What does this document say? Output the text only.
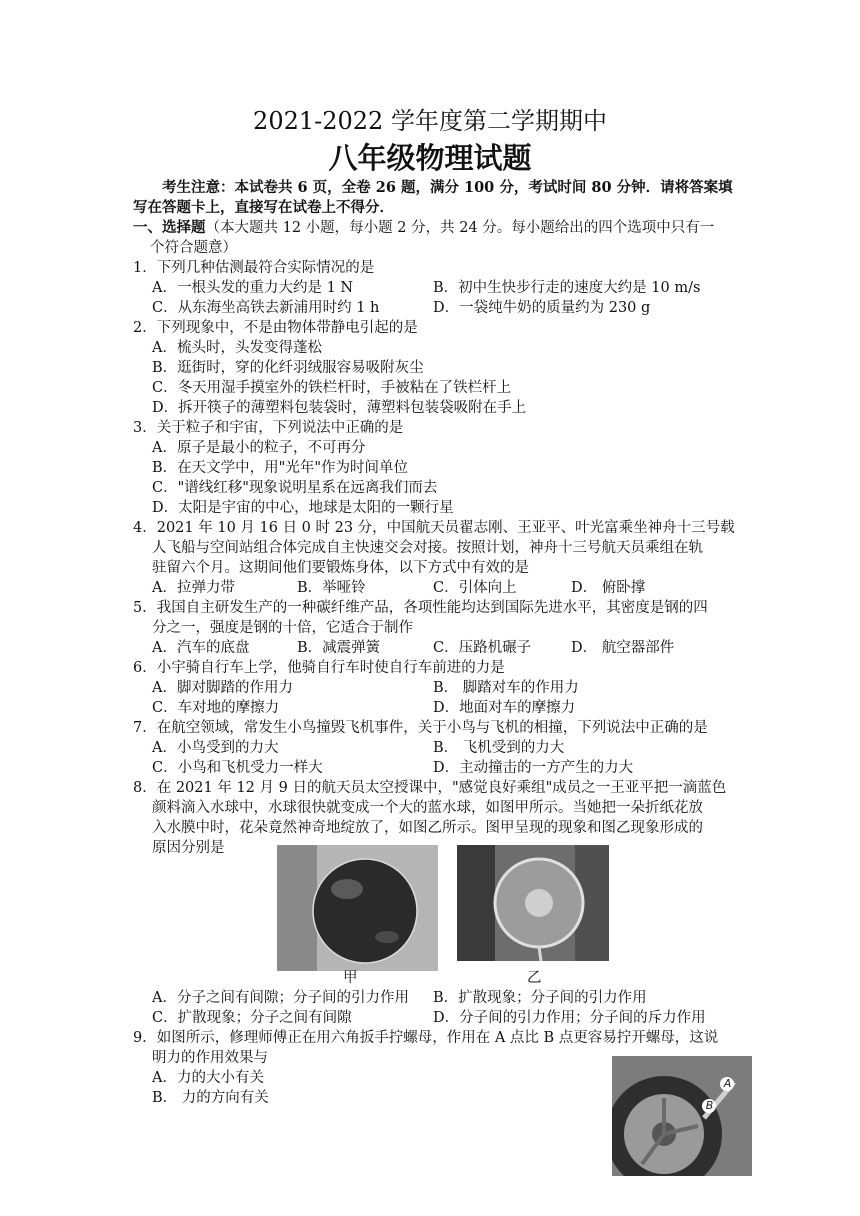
2021-2022 学年度第二学期期中
八年级物理试题
考生注意：本试卷共 6 页，全卷 26 题，满分 100 分，考试时间 80 分钟．请将答案填
写在答题卡上，直接写在试卷上不得分．
一、选择题（本大题共 12 小题，每小题 2 分，共 24 分。每小题给出的四个选项中只有一
个符合题意）
1．下列几种估测最符合实际情况的是
A．一根头发的重力大约是 1 N	B．初中生快步行走的速度大约是 10 m/s
C．从东海坐高铁去新浦用时约 1 h	D．一袋纯牛奶的质量约为 230 g
2．下列现象中，不是由物体带静电引起的是
A．梳头时，头发变得蓬松
B．逛街时，穿的化纤羽绒服容易吸附灰尘
C．冬天用湿手摸室外的铁栏杆时，手被粘在了铁栏杆上
D．拆开筷子的薄塑料包装袋时，薄塑料包装袋吸附在手上
3．关于粒子和宇宙，下列说法中正确的是
A．原子是最小的粒子，不可再分
B．在天文学中，用"光年"作为时间单位
C．"谱线红移"现象说明星系在远离我们而去
D．太阳是宇宙的中心，地球是太阳的一颗行星
4．2021 年 10 月 16 日 0 时 23 分，中国航天员翟志刚、王亚平、叶光富乘坐神舟十三号载
人飞船与空间站组合体完成自主快速交会对接。按照计划，神舟十三号航天员乘组在轨
驻留六个月。这期间他们要锻炼身体，以下方式中有效的是
A．拉弹力带	B．举哑铃	C．引体向上	D． 俯卧撑
5．我国自主研发生产的一种碳纤维产品，各项性能均达到国际先进水平，其密度是钢的四
分之一，强度是钢的十倍，它适合于制作
A．汽车的底盘	B．减震弹簧	C．压路机碾子	D． 航空器部件
6．小宇骑自行车上学，他骑自行车时使自行车前进的力是
A．脚对脚踏的作用力	B． 脚踏对车的作用力
C．车对地的摩擦力	D．地面对车的摩擦力
7．在航空领域，常发生小鸟撞毁飞机事件，关于小鸟与飞机的相撞，下列说法中正确的是
A．小鸟受到的力大	B． 飞机受到的力大
C．小鸟和飞机受力一样大	D．主动撞击的一方产生的力大
8．在 2021 年 12 月 9 日的航天员太空授课中，"感觉良好乘组"成员之一王亚平把一滴蓝色
颜料滴入水球中，水球很快就变成一个大的蓝水球，如图甲所示。当她把一朵折纸花放
入水膜中时，花朵竟然神奇地绽放了，如图乙所示。图甲呈现的现象和图乙现象形成的
原因分别是
甲	乙
A．分子之间有间隙；分子间的引力作用 B．扩散现象；分子间的引力作用
C．扩散现象；分子之间有间隙	D．分子间的引力作用；分子间的斥力作用
9．如图所示，修理师傅正在用六角扳手拧螺母，作用在 A 点比 B 点更容易拧开螺母，这说
明力的作用效果与
A．力的大小有关
B． 力的方向有关
A
B
